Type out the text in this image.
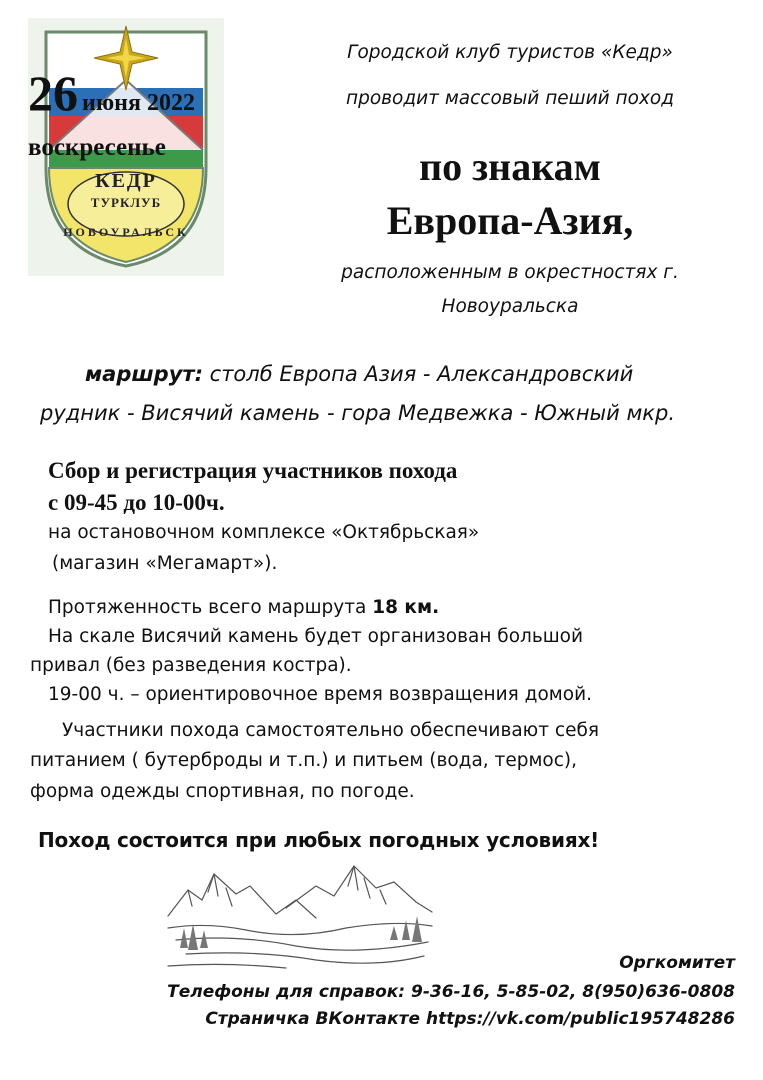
КЕДР
ТУРКЛУБ
НОВОУРАЛЬСК
26 июня 2022
воскресенье
Городской клуб туристов «Кедр»
проводит массовый пеший поход
по знакам
Европа-Азия,
расположенным в окрестностях г.
Новоуральска
маршрут: столб Европа Азия - Александровский
рудник - Висячий камень - гора Медвежка - Южный мкр.
Сбор и регистрация участников похода
с 09-45 до 10-00ч.
на остановочном комплексе «Октябрьская»
(магазин «Мегамарт»).
Протяженность всего маршрута 18 км.
На скале Висячий камень будет организован большой
привал (без разведения костра).
19-00 ч. – ориентировочное время возвращения домой.
Участники похода самостоятельно обеспечивают себя
питанием ( бутерброды и т.п.) и питьем (вода, термос),
форма одежды спортивная, по погоде.
Поход состоится при любых погодных условиях!
Оргкомитет
Телефоны для справок: 9-36-16, 5-85-02, 8(950)636-0808
Страничка ВКонтакте https://vk.com/public195748286
